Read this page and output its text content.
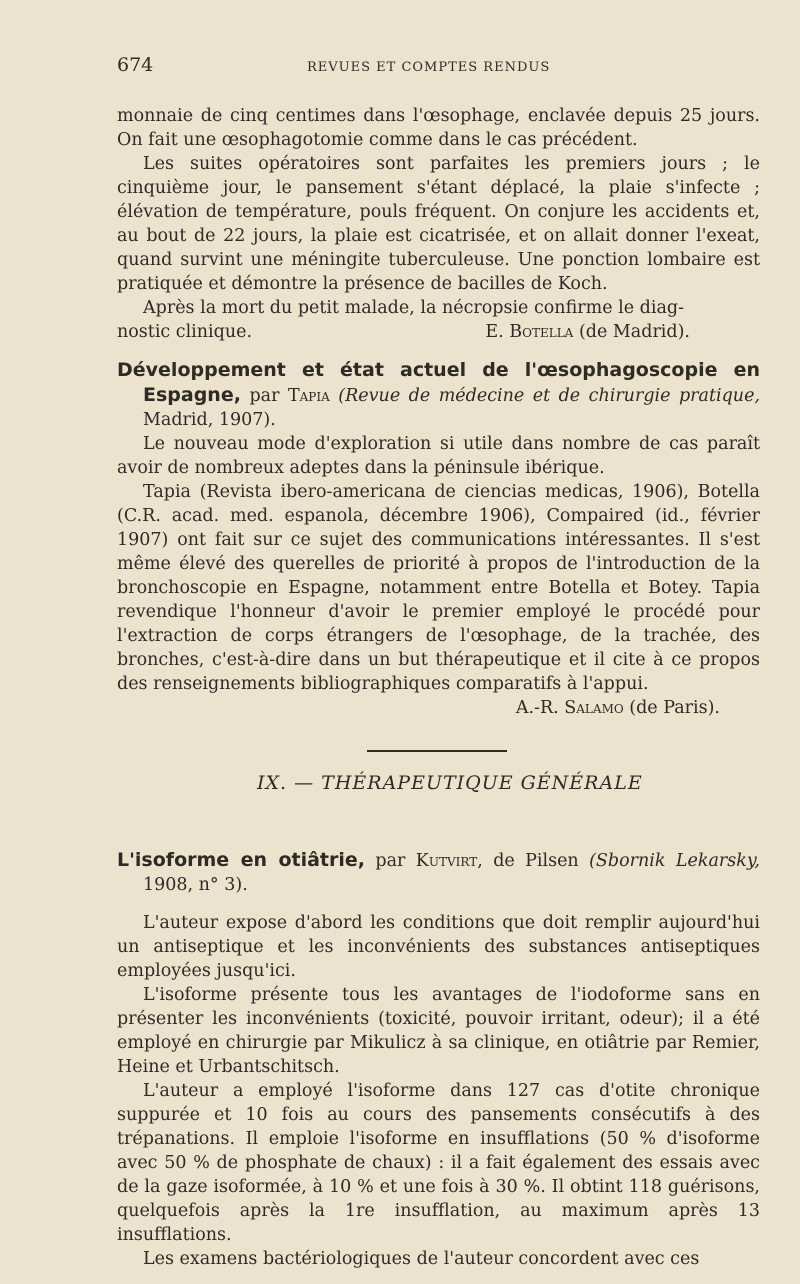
674	REVUES ET COMPTES RENDUS

monnaie de cinq centimes dans l'œsophage, enclavée depuis 25 jours. On fait une œsophagotomie comme dans le cas précédent.

Les suites opératoires sont parfaites les premiers jours ; le cinquième jour, le pansement s'étant déplacé, la plaie s'infecte ; élévation de température, pouls fréquent. On conjure les accidents et, au bout de 22 jours, la plaie est cicatrisée, et on allait donner l'exeat, quand survint une méningite tuberculeuse. Une ponction lombaire est pratiquée et démontre la présence de bacilles de Koch.

Après la mort du petit malade, la nécropsie confirme le diag-

nostic clinique.	E. Botella (de Madrid).

Développement et état actuel de l'œsophagoscopie en Espagne, par Tapia (Revue de médecine et de chirurgie pratique, Madrid, 1907).

Le nouveau mode d'exploration si utile dans nombre de cas paraît avoir de nombreux adeptes dans la péninsule ibérique.

Tapia (Revista ibero-americana de ciencias medicas, 1906), Botella (C.R. acad. med. espanola, décembre 1906), Compaired (id., février 1907) ont fait sur ce sujet des communications intéressantes. Il s'est même élevé des querelles de priorité à propos de l'introduction de la bronchoscopie en Espagne, notamment entre Botella et Botey. Tapia revendique l'honneur d'avoir le premier employé le procédé pour l'extraction de corps étrangers de l'œsophage, de la trachée, des bronches, c'est-à-dire dans un but thérapeutique et il cite à ce propos des renseignements bibliographiques comparatifs à l'appui.

A.-R. Salamo (de Paris).

IX. — THÉRAPEUTIQUE GÉNÉRALE

L'isoforme en otiâtrie, par Kutvirt, de Pilsen (Sbornik Lekarsky, 1908, n° 3).

L'auteur expose d'abord les conditions que doit remplir aujourd'hui un antiseptique et les inconvénients des substances antiseptiques employées jusqu'ici.

L'isoforme présente tous les avantages de l'iodoforme sans en présenter les inconvénients (toxicité, pouvoir irritant, odeur); il a été employé en chirurgie par Mikulicz à sa clinique, en otiâtrie par Remier, Heine et Urbantschitsch.

L'auteur a employé l'isoforme dans 127 cas d'otite chronique suppurée et 10 fois au cours des pansements consécutifs à des trépanations. Il emploie l'isoforme en insufflations (50 % d'isoforme avec 50 % de phosphate de chaux) : il a fait également des essais avec de la gaze isoformée, à 10 % et une fois à 30 %. Il obtint 118 guérisons, quelquefois après la 1re insufflation, au maximum après 13 insufflations.

Les examens bactériologiques de l'auteur concordent avec ces
